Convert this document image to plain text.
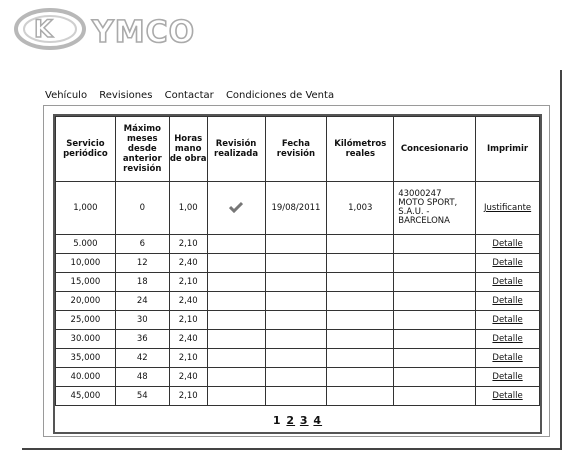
K YMCO
Vehículo Revisiones Contactar Condiciones de Venta
Servicio periódico	Máximo meses desde anterior revisión	Horas mano de obra	Revisión realizada	Fecha revisión	Kilómetros reales	Concesionario	Imprimir
1,000	0	1,00		19/08/2011	1,003	43000247
MOTO SPORT,
S.A.U. -
BARCELONA	Justificante
5.000	6	2,10					Detalle
10,000	12	2,40					Detalle
15,000	18	2,10					Detalle
20,000	24	2,40					Detalle
25,000	30	2,10					Detalle
30.000	36	2,40					Detalle
35,000	42	2,10					Detalle
40.000	48	2,40					Detalle
45,000	54	2,10					Detalle
1 2 3 4
